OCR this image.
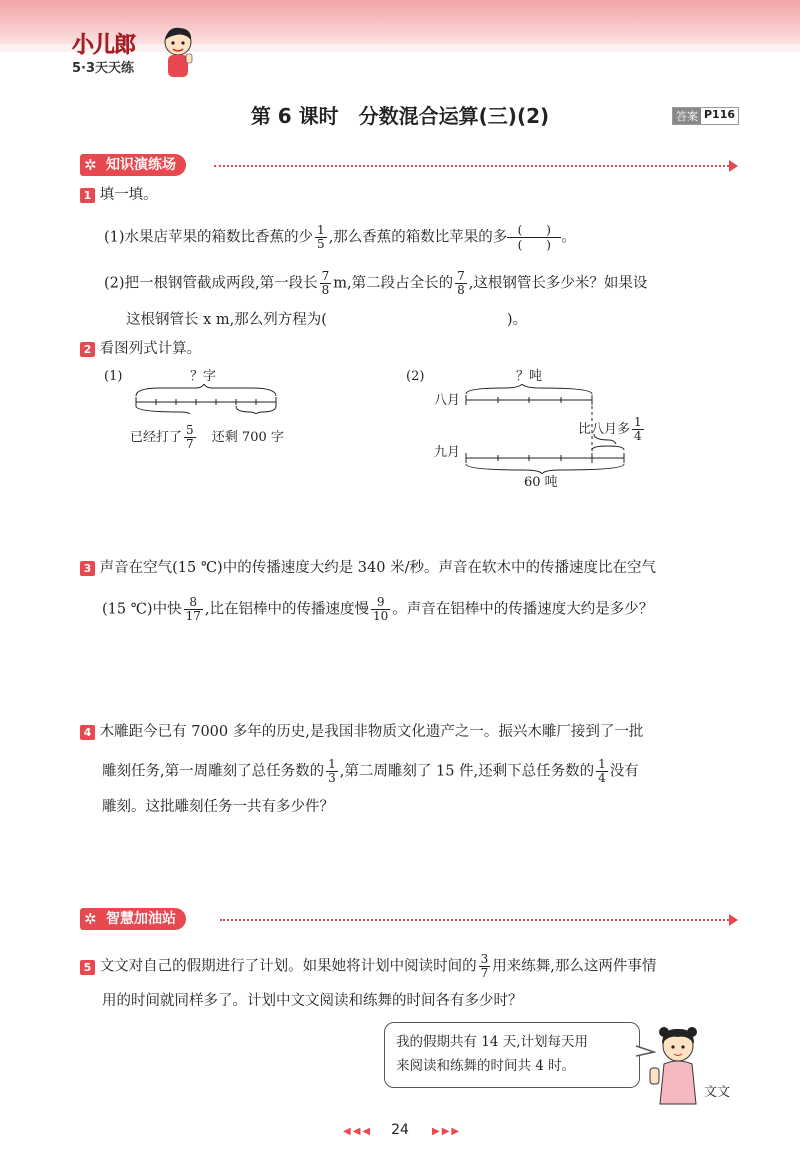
小儿郎
5·3天天练
第 6 课时　分数混合运算(三)(2)	答案 P116
✲ 知识演练场
1 填一填。
(1)水果店苹果的箱数比香蕉的少 $\frac{1}{5}$ ,那么香蕉的箱数比苹果的多 $\frac{( )}{( )}$。
(2)把一根钢管截成两段,第一段长 $\frac{7}{8} m$,第二段占全长的 $\frac{7}{8}$ ,这根钢管长多少米？如果设
这根钢管长 x m,那么列方程为(	)。
2 看图列式计算。
(1)	？字
已经打了 $\frac{5}{7}$ 还剩 700 字
(2)	？吨
八月
九月
比八月多 $\frac{1}{4}$
60 吨
3 声音在空气(15 ℃)中的传播速度大约是 340 米/秒。声音在软木中的传播速度比在空气
(15 ℃)中快 $\frac{8}{17}$ ,比在铝棒中的传播速度慢 $\frac{9}{10}$ 。声音在铝棒中的传播速度大约是多少？
4 木雕距今已有 7000 多年的历史,是我国非物质文化遗产之一。振兴木雕厂接到了一批
雕刻任务,第一周雕刻了总任务数的 $\frac{1}{3}$ ,第二周雕刻了 15 件,还剩下总任务数的 $\frac{1}{4}$ 没有
雕刻。这批雕刻任务一共有多少件？
✲ 智慧加油站
5 文文对自己的假期进行了计划。如果她将计划中阅读时间的 $\frac{3}{7}$ 用来练舞,那么这两件事情
用的时间就同样多了。计划中文文阅读和练舞的时间各有多少时？
我的假期共有 14 天,计划每天用
来阅读和练舞的时间共 4 时。
文文
24
◀◀◀	▶▶▶
